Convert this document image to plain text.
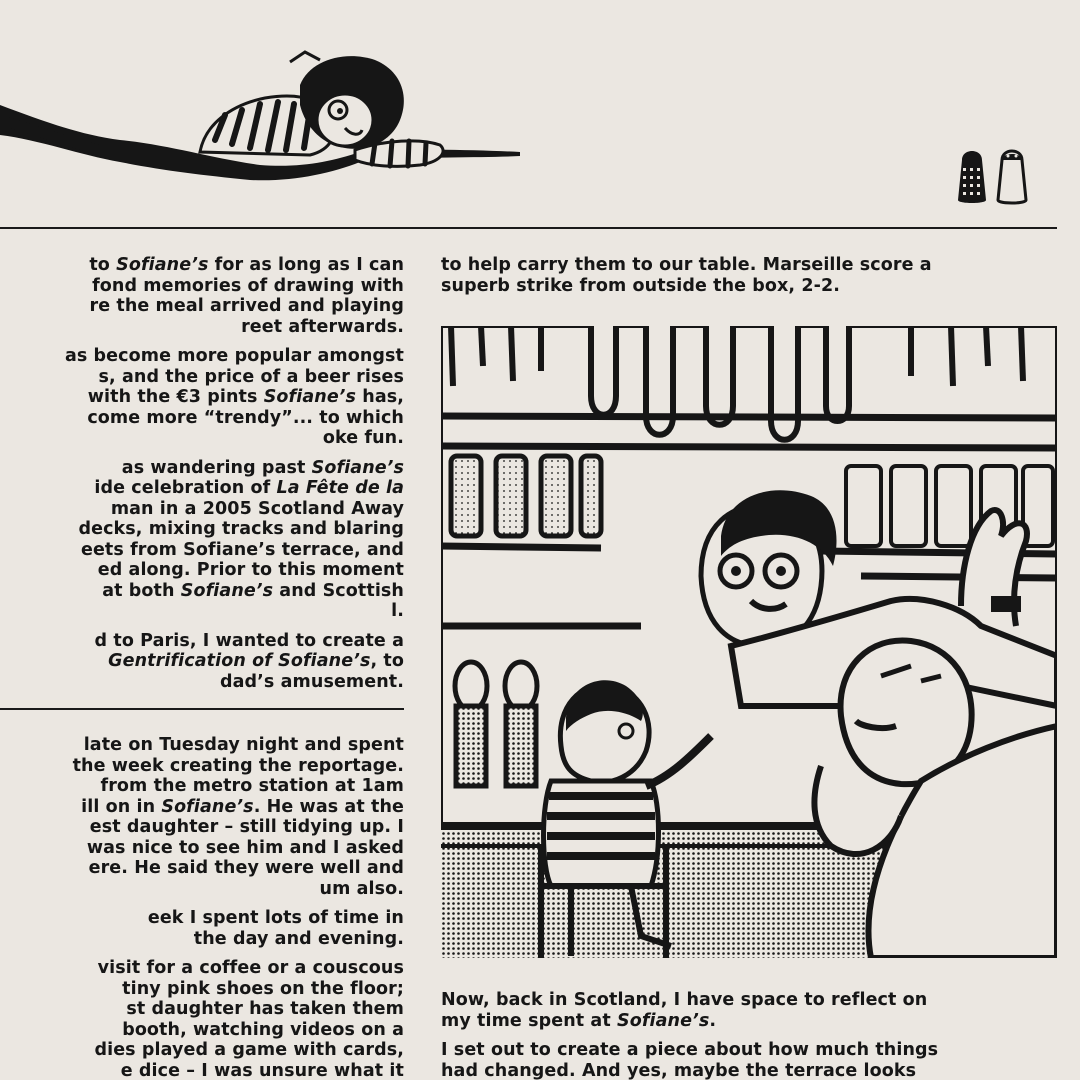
to Sofiane’s for as long as I can
fond memories of drawing with
re the meal arrived and playing
reet afterwards.

as become more popular amongst
s, and the price of a beer rises
with the €3 pints Sofiane’s has,
come more “trendy”... to which
oke fun.

as wandering past Sofiane’s
ide celebration of La Fête de la
man in a 2005 Scotland Away
decks, mixing tracks and blaring
eets from Sofiane’s terrace, and
ed along. Prior to this moment
at both Sofiane’s and Scottish
l.

d to Paris, I wanted to create a
Gentrification of Sofiane’s, to
dad’s amusement.

late on Tuesday night and spent
the week creating the reportage.
from the metro station at 1am
ill on in Sofiane’s. He was at the
est daughter – still tidying up. I
was nice to see him and I asked
ere. He said they were well and
um also.

eek I spent lots of time in
the day and evening.

visit for a coffee or a couscous
tiny pink shoes on the floor;
st daughter has taken them
booth, watching videos on a
dies played a game with cards,
e dice – I was unsure what it

to help carry them to our table. Marseille score a
superb strike from outside the box, 2-2.

Now, back in Scotland, I have space to reflect on
my time spent at Sofiane’s.

I set out to create a piece about how much things
had changed. And yes, maybe the terrace looks
